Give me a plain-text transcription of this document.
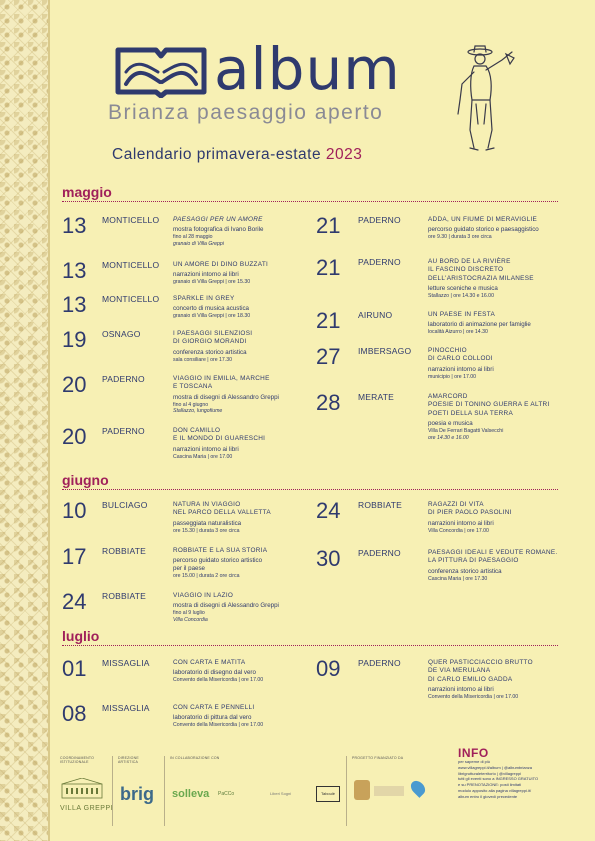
album
Brianza paesaggio aperto
Calendario primavera-estate 2023
maggio
giugno
luglio
13 MONTICELLO PAESAGGI PER UN AMORE
mostra fotografica di Ivano Borile
fino al 28 maggio
granaio di Villa Greppi
13 MONTICELLO UN AMORE DI DINO BUZZATI
narrazioni intorno ai libri
granaio di Villa Greppi | ore 15.30
13 MONTICELLO SPARKLE IN GREY
concerto di musica acustica
granaio di Villa Greppi | ore 18.30
19 OSNAGO	I PAESAGGI SILENZIOSI
DI GIORGIO MORANDI
conferenza storico artistica
sala consiliare | ore 17.30
20 PADERNO	VIAGGIO IN EMILIA, MARCHE
E TOSCANA
mostra di disegni di Alessandro Greppi
fino al 4 giugno
Stallazzo, lungofiume
20 PADERNO	DON CAMILLO
E IL MONDO DI GUARESCHI
narrazioni intorno ai libri
Cascina Maria | ore 17.00
21 PADERNO	ADDA, UN FIUME DI MERAVIGLIE
percorso guidato storico e paesaggistico
ore 9.30 | durata 3 ore circa
21 PADERNO	AU BORD DE LA RIVIÈRE
IL FASCINO DISCRETO
DELL'ARISTOCRAZIA MILANESE
letture sceniche e musica
Stallazzo | ore 14.30 e 16.00
21 AIRUNO	UN PAESE IN FESTA
laboratorio di animazione per famiglie
località Aizurro | ore 14.30
27 IMBERSAGO	PINOCCHIO
DI CARLO COLLODI
narrazioni intorno ai libri
municipio | ore 17.00
28 MERATE	AMARCORD
POESIE DI TONINO GUERRA E ALTRI
POETI DELLA SUA TERRA
poesia e musica
Villa De Ferrari Bagatti Valsecchi
ore 14.30 e 16.00
10 BULCIAGO	NATURA IN VIAGGIO
NEL PARCO DELLA VALLETTA
passeggiata naturalistica
ore 15.30 | durata 3 ore circa
17 ROBBIATE	ROBBIATE E LA SUA STORIA
percorso guidato storico artistico
per il paese
ore 15.00 | durata 2 ore circa
24 ROBBIATE	VIAGGIO IN LAZIO
mostra di disegni di Alessandro Greppi
fino al 9 luglio
Villa Concordia
24 ROBBIATE	RAGAZZI DI VITA
DI PIER PAOLO PASOLINI
narrazioni intorno ai libri
Villa Concordia | ore 17.00
30 PADERNO	PAESAGGI IDEALI E VEDUTE ROMANE.
LA PITTURA DI PAESAGGIO
conferenza storico artistica
Cascina Maria | ore 17.30
01 MISSAGLIA	CON CARTA E MATITA
laboratorio di disegno dal vero
Convento della Misericordia | ore 17.00
08 MISSAGLIA	CON CARTA E PENNELLI
laboratorio di pittura dal vero
Convento della Misericordia | ore 17.00
09 PADERNO	QUER PASTICCIACCIO BRUTTO
DE VIA MERULANA
DI CARLO EMILIO GADDA
narrazioni intorno ai libri
Convento della Misericordia | ore 17.00
COORDINAMENTO
ISTITUZIONALE
VILLA GREPPI
DIREZIONE
ARTISTICA
brig
IN COLLABORAZIONE CON
solleva PaCCo	Liberi Sogni	Taboulè
PROGETTO FINANZIATO DA	INFO
per saperne di più
www.villagreppi.it/album | @albumbrianza
librigrutturaleterritorio | @villagreppi
tutti gli eventi sono a INGRESSO GRATUITO
e su PRENOTAZIONE: posti limitati
modulo apposito alla pagina villagreppi.it/
album entro il giovedì precedente
